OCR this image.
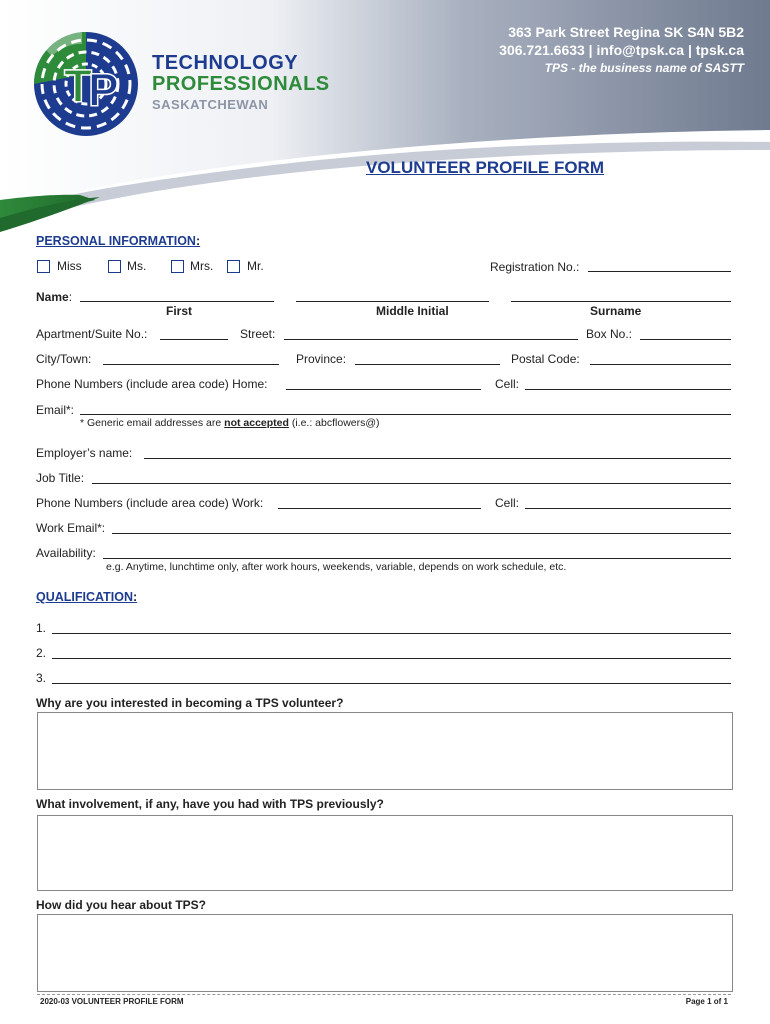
T
P
TECHNOLOGY
PROFESSIONALS
SASKATCHEWAN
363 Park Street Regina SK S4N 5B2
306.721.6633 | info@tpsk.ca | tpsk.ca
TPS - the business name of SASTT
VOLUNTEER PROFILE FORM
PERSONAL INFORMATION:
Miss	Ms.	Mrs.	Mr.	Registration No.:
Name:
First	Middle Initial	Surname
Apartment/Suite No.:	Street:	Box No.:
City/Town:	Province:	Postal Code:
Phone Numbers (include area code) Home:	Cell:
Email*:
* Generic email addresses are not accepted (i.e.: abcflowers@)
Employer’s name:
Job Title:
Phone Numbers (include area code) Work:	Cell:
Work Email*:
Availability:
e.g. Anytime, lunchtime only, after work hours, weekends, variable, depends on work schedule, etc.
QUALIFICATION:
1.
2.
3.
Why are you interested in becoming a TPS volunteer?
What involvement, if any, have you had with TPS previously?
How did you hear about TPS?
2020-03 VOLUNTEER PROFILE FORM	Page 1 of 1
